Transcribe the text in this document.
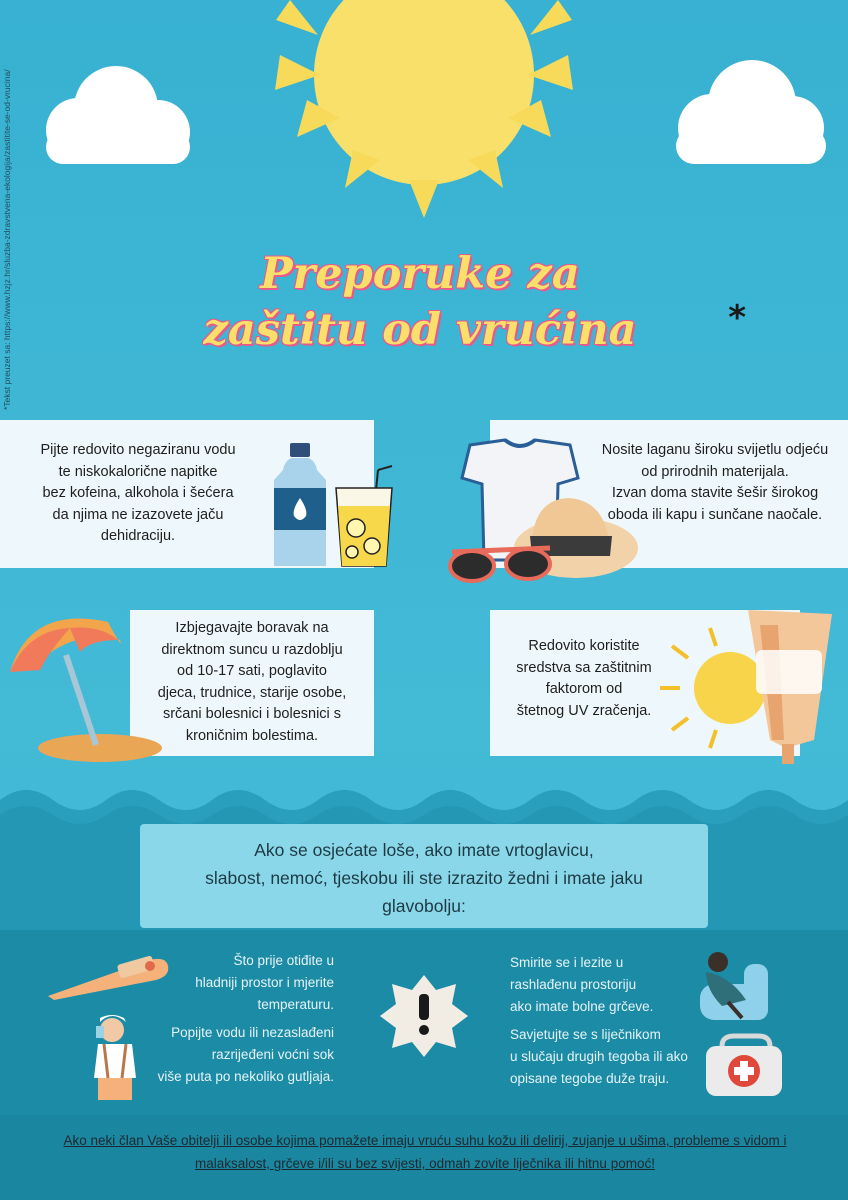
*Tekst preuzet sa: https://www.hzjz.hr/sluzba-zdravstvena-ekologija/zastitite-se-od-vrucina/	Preporuke za
zaštitu od vrućina	*
Pijte redovito negaziranu vodu
te niskokalorične napitke
bez kofeina, alkohola i šećera
da njima ne izazovete jaču
dehidraciju.
Nosite laganu široku svijetlu odjeću
od prirodnih materijala.
Izvan doma stavite šešir širokog
oboda ili kapu i sunčane naočale.
Izbjegavajte boravak na
direktnom suncu u razdoblju
od 10-17 sati, poglavito
djeca, trudnice, starije osobe,
srčani bolesnici i bolesnici s
kroničnim bolestima.
Redovito koristite
sredstva sa zaštitnim
faktorom od
štetnog UV zračenja.
Ako se osjećate loše, ako imate vrtoglavicu,
slabost, nemoć, tjeskobu ili ste izrazito žedni i imate jaku
glavobolju:
Što prije otiđite u
hladniji prostor i mjerite
temperaturu.
Popijte vodu ili nezaslađeni
razrijeđeni voćni sok
više puta po nekoliko gutljaja.
Smirite se i lezite u
rashlađenu prostoriju
ako imate bolne grčeve.
Savjetujte se s liječnikom
u slučaju drugih tegoba ili ako
opisane tegobe duže traju.
Ako neki član Vaše obitelji ili osobe kojima pomažete imaju vruću suhu kožu ili delirij, zujanje u ušima, probleme s vidom i
malaksalost, grčeve i/ili su bez svijesti, odmah zovite liječnika ili hitnu pomoć!
